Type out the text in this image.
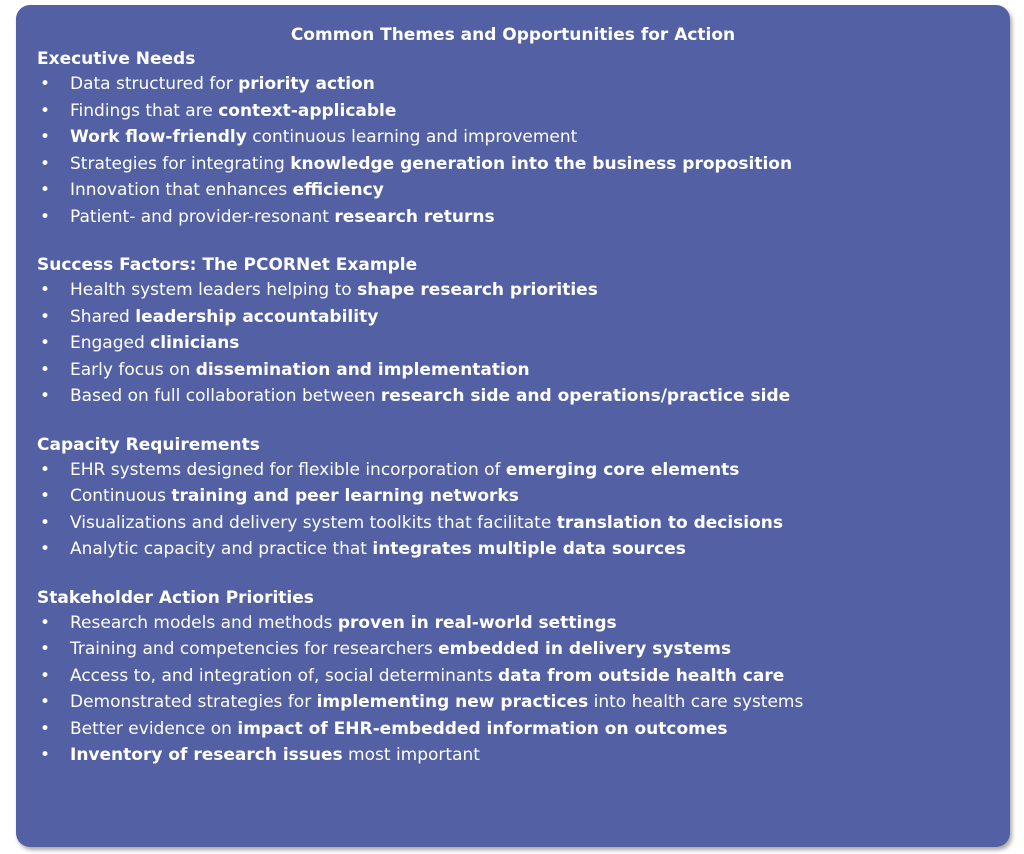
Common Themes and Opportunities for Action
Executive Needs
• Data structured for priority action
• Findings that are context-applicable
• Work flow-friendly continuous learning and improvement
• Strategies for integrating knowledge generation into the business proposition
• Innovation that enhances efficiency
• Patient- and provider-resonant research returns
Success Factors: The PCORNet Example
• Health system leaders helping to shape research priorities
• Shared leadership accountability
• Engaged clinicians
• Early focus on dissemination and implementation
• Based on full collaboration between research side and operations/practice side
Capacity Requirements
• EHR systems designed for flexible incorporation of emerging core elements
• Continuous training and peer learning networks
• Visualizations and delivery system toolkits that facilitate translation to decisions
• Analytic capacity and practice that integrates multiple data sources
Stakeholder Action Priorities
• Research models and methods proven in real-world settings
• Training and competencies for researchers embedded in delivery systems
• Access to, and integration of, social determinants data from outside health care
• Demonstrated strategies for implementing new practices into health care systems
• Better evidence on impact of EHR-embedded information on outcomes
• Inventory of research issues most important
